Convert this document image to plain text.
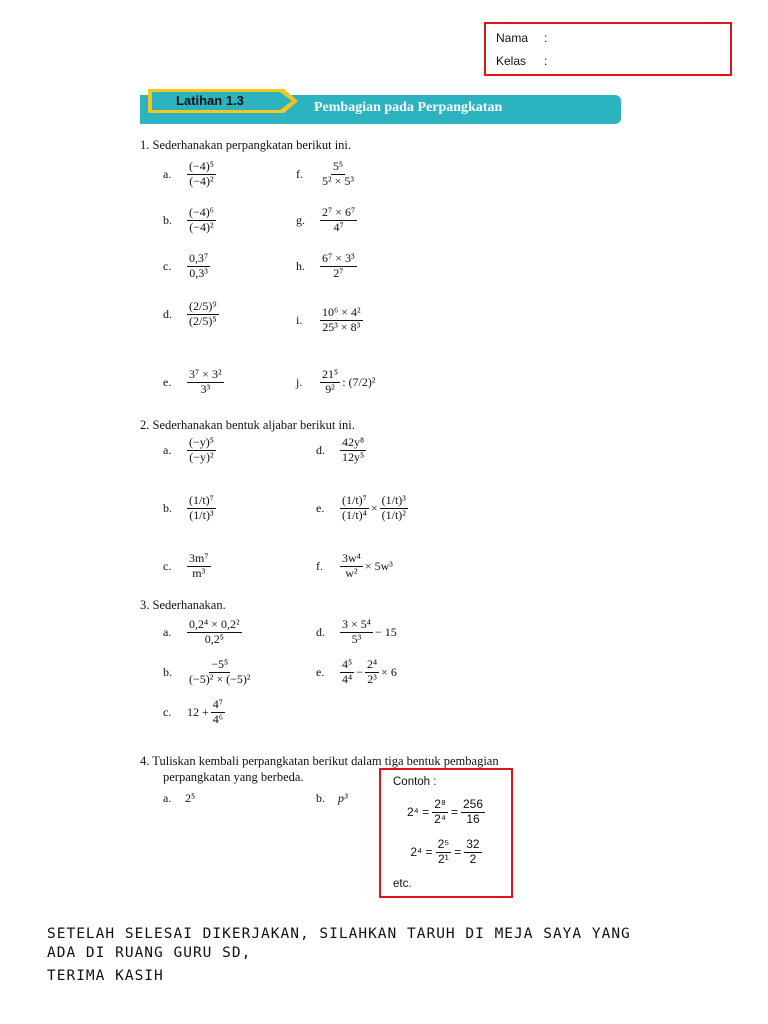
Nama :
Kelas :
Latihan 1.3	Pembagian pada Perpangkatan
1. Sederhanakan perpangkatan berikut ini.
a.	$\frac{\text{(−4)⁵}}{\text{(−4)²}}$
b.	$\frac{\text{(−4)⁶}}{\text{(−4)²}}$
c.	$\frac{\text{0,3⁷}}{\text{0,3³}}$
d.	$\frac{\text{(2/5)⁹}}{\text{(2/5)⁵}}$
e.	$\frac{\text{3⁷ × 3²}}{\text{3³}}$
f.	$\frac{\text{5⁵}}{\text{5² × 5³}}$
g.	$\frac{\text{2⁷ × 6⁷}}{\text{4⁷}}$
h.	$\frac{\text{6⁷ × 3³}}{\text{2⁷}}$
i.	$\frac{\text{10⁶ × 4²}}{\text{25³ × 8³}}$
j.	$\frac{\text{21⁵}}{\text{9²}}$ : (7/2)²
2. Sederhanakan bentuk aljabar berikut ini.
a.	$\frac{\text{(−y)⁵}}{\text{(−y)²}}$
b.	$\frac{\text{(1/t)⁷}}{\text{(1/t)³}}$
c.	$\frac{\text{3m⁷}}{\text{m³}}$
d.	$\frac{\text{42y⁸}}{\text{12y⁵}}$
e.	$\frac{\text{(1/t)⁷}}{\text{(1/t)⁴}} \times \frac{\text{(1/t)³}}{\text{(1/t)²}}$
f.	$\frac{\text{3w⁴}}{\text{w²}} \times 5w^3$
3. Sederhanakan.
a.	$\frac{\text{0,2⁴ × 0,2²}}{\text{0,2⁵}}$
b.	$\frac{\text{−5⁵}}{\text{(−5)² × (−5)²}}$
c.	$12 + \frac{\text{4⁷}}{\text{4⁶}}$
d.	$\frac{\text{3 × 5⁴}}{\text{5³}} - 15$
e.	$\frac{\text{4⁵}}{\text{4⁴}} - \frac{\text{2⁴}}{\text{2³}} \times 6$
4. Tuliskan kembali perpangkatan berikut dalam tiga bentuk pembagian
perpangkatan yang berbeda.
a. 2⁵	b. p³
Contoh :
$2^4 = \frac{\text{2⁸}}{\text{2⁴}} = \frac{256}{16}$
$2^4 = \frac{\text{2⁵}}{\text{2¹}} = \frac{32}{2}$
etc.
SETELAH SELESAI DIKERJAKAN, SILAHKAN TARUH DI MEJA SAYA YANG
ADA DI RUANG GURU SD,
TERIMA KASIH
